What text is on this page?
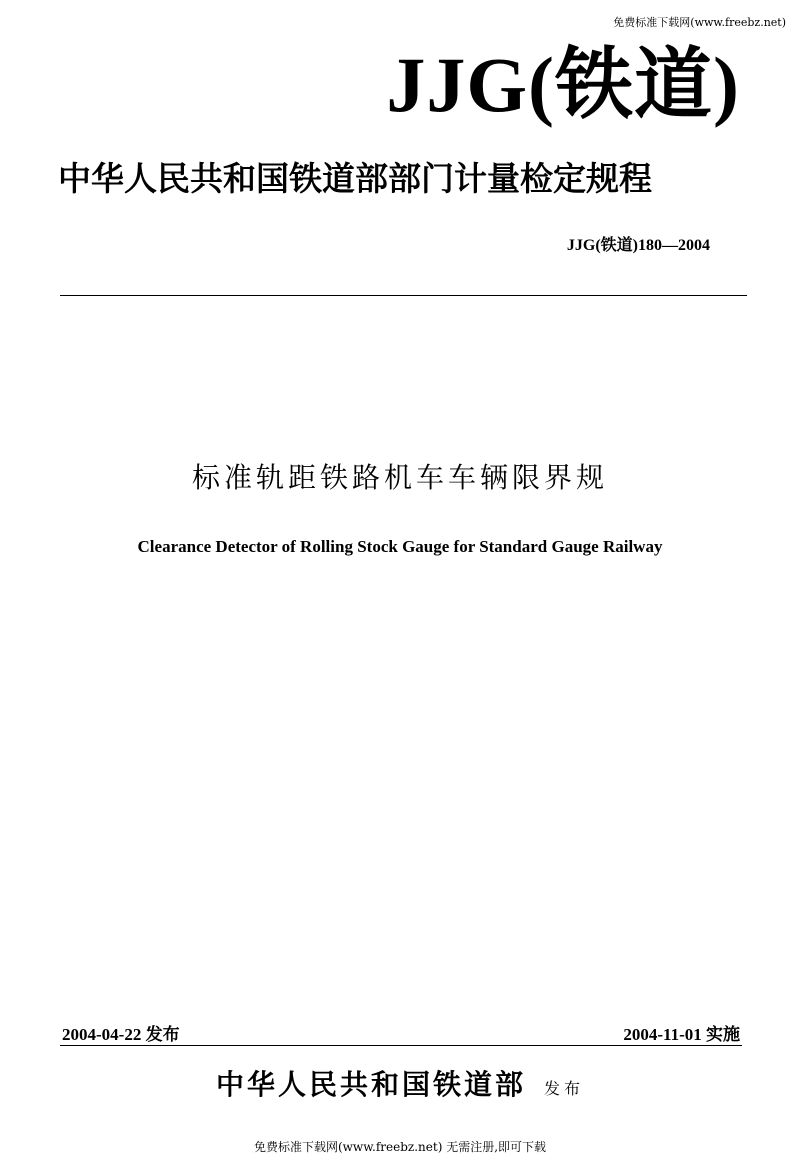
免费标准下载网(www.freebz.net)
JJG(铁道)
中华人民共和国铁道部部门计量检定规程
JJG(铁道)180—2004
标准轨距铁路机车车辆限界规
Clearance Detector of Rolling Stock Gauge for Standard Gauge Railway
2004-04-22 发布	2004-11-01 实施
中华人民共和国铁道部 发布
免费标准下载网(www.freebz.net) 无需注册,即可下载
